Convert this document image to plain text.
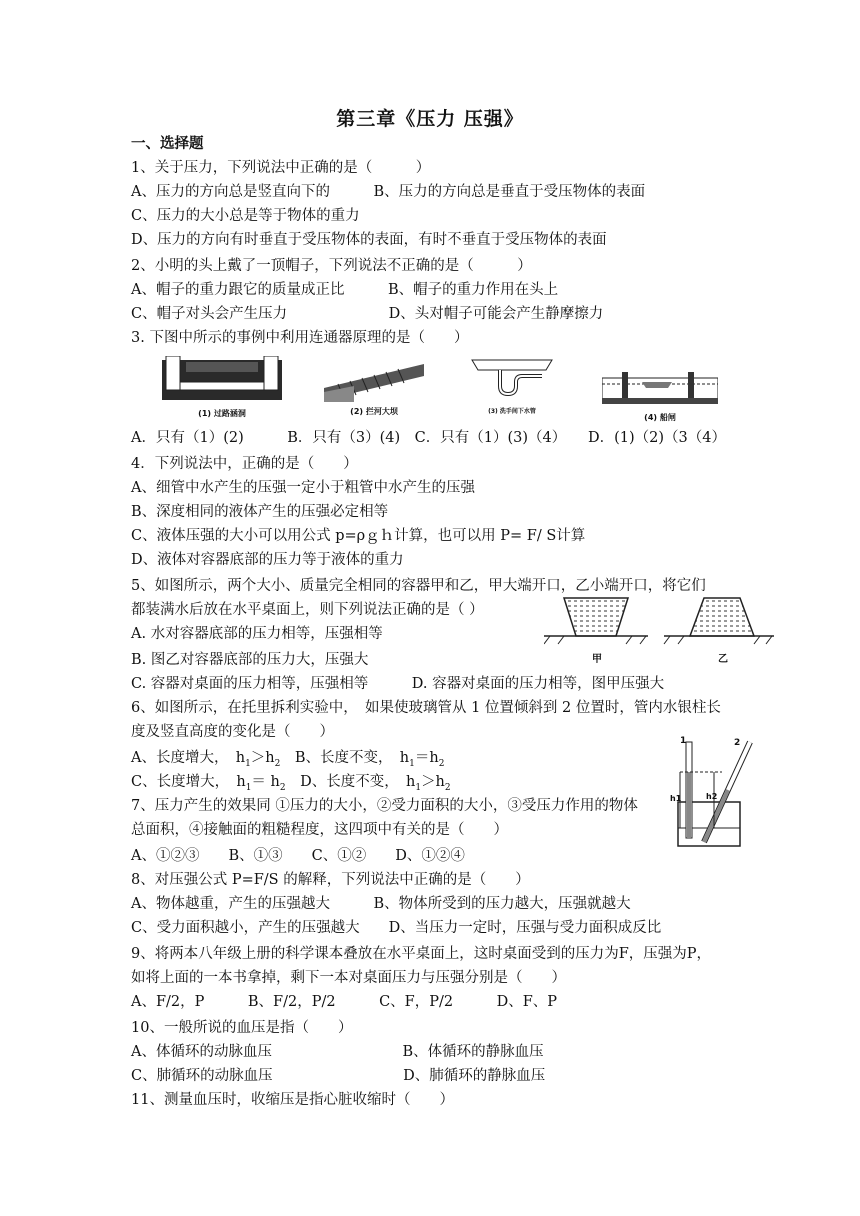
第三章《压力 压强》
一、选择题
1、关于压力，下列说法中正确的是（　　　）
A、压力的方向总是竖直向下的　　　B、压力的方向总是垂直于受压物体的表面
C、压力的大小总是等于物体的重力
D、压力的方向有时垂直于受压物体的表面，有时不垂直于受压物体的表面
2、小明的头上戴了一顶帽子，下列说法不正确的是（　　　）
A、帽子的重力跟它的质量成正比　　　B、帽子的重力作用在头上
C、帽子对头会产生压力　　　　　　　D、头对帽子可能会产生静摩擦力
3. 下图中所示的事例中利用连通器原理的是（　　）
(1) 过路涵洞	(2) 拦河大坝	(3) 洗手间下水管
(4) 船闸
A．只有（1）(2)　　　B．只有（3）(4)　C．只有（1）(3)（4）　　D．(1)（2)（3（4）
4．下列说法中，正确的是（　　）
A、细管中水产生的压强一定小于粗管中水产生的压强
B、深度相同的液体产生的压强必定相等
C、液体压强的大小可以用公式 p=ρｇｈ计算，也可以用 P= F/ S计算
D、液体对容器底部的压力等于液体的重力
5、如图所示，两个大小、质量完全相同的容器甲和乙，甲大端开口，乙小端开口，将它们
都装满水后放在水平桌面上，则下列说法正确的是（ ）
A. 水对容器底部的压力相等，压强相等
B. 图乙对容器底部的压力大，压强大	甲	乙
C. 容器对桌面的压力相等，压强相等　　　D. 容器对桌面的压力相等，图甲压强大
6、如图所示，在托里拆利实验中，　如果使玻璃管从 1 位置倾斜到 2 位置时，管内水银柱长
度及竖直高度的变化是（　　）
A、长度增大，　$h_1>h_2$　B、长度不变，　$h_1=h_2$
C、长度增大，　$h_1= h_2$　D、长度不变，　$h_1>h_2$
1	2
h1	h2
7、压力产生的效果同 ①压力的大小，②受力面积的大小，③受压力作用的物体
总面积，④接触面的粗糙程度，这四项中有关的是（　　）
A、①②③　　B、①③　　C、①②　　D、①②④
8、对压强公式 P=F/S 的解释，下列说法中正确的是（　　）
A、物体越重，产生的压强越大　　　B、物体所受到的压力越大，压强就越大
C、受力面积越小，产生的压强越大　　D、当压力一定时，压强与受力面积成反比
9、将两本八年级上册的科学课本叠放在水平桌面上，这时桌面受到的压力为F，压强为P，
如将上面的一本书拿掉，剩下一本对桌面压力与压强分别是（　　）
A、F/2，P　　　B、F/2，P/2　　　C、F，P/2　　　D、F、P
10、一般所说的血压是指（　　）
A、体循环的动脉血压　　　　　　　　　B、体循环的静脉血压
C、肺循环的动脉血压　　　　　　　　　D、肺循环的静脉血压
11、测量血压时，收缩压是指心脏收缩时（　　）
